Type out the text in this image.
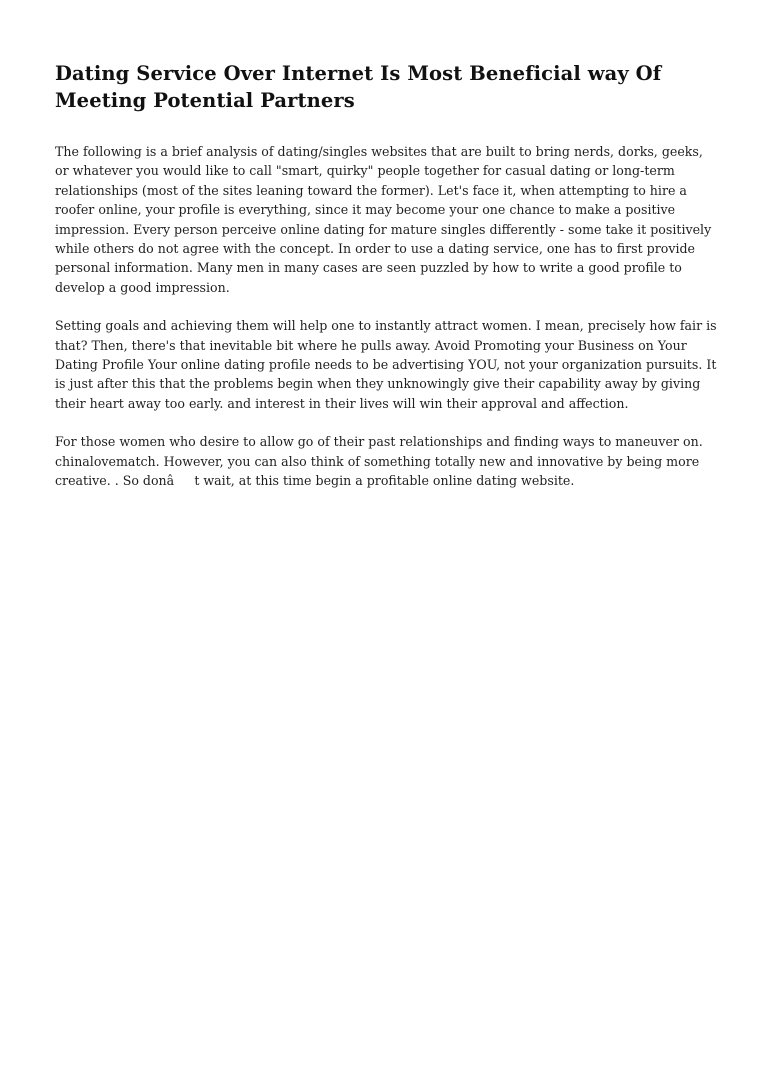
Dating Service Over Internet Is Most Beneficial way Of Meeting Potential Partners

The following is a brief analysis of dating/singles websites that are built to bring nerds, dorks, geeks, or whatever you would like to call "smart, quirky" people together for casual dating or long-term relationships (most of the sites leaning toward the former). Let's face it, when attempting to hire a roofer online, your profile is everything, since it may become your one chance to make a positive impression. Every person perceive online dating for mature singles differently - some take it positively while others do not agree with the concept. In order to use a dating service, one has to first provide personal information. Many men in many cases are seen puzzled by how to write a good profile to develop a good impression.

Setting goals and achieving them will help one to instantly attract women. I mean, precisely how fair is that? Then, there's that inevitable bit where he pulls away. Avoid Promoting your Business on Your Dating Profile Your online dating profile needs to be advertising YOU, not your organization pursuits. It is just after this that the problems begin when they unknowingly give their capability away by giving their heart away too early. and interest in their lives will win their approval and affection.

For those women who desire to allow go of their past relationships and finding ways to maneuver on. chinalovematch. However, you can also think of something totally new and innovative by being more creative. . So donât wait, at this time begin a profitable online dating website.
